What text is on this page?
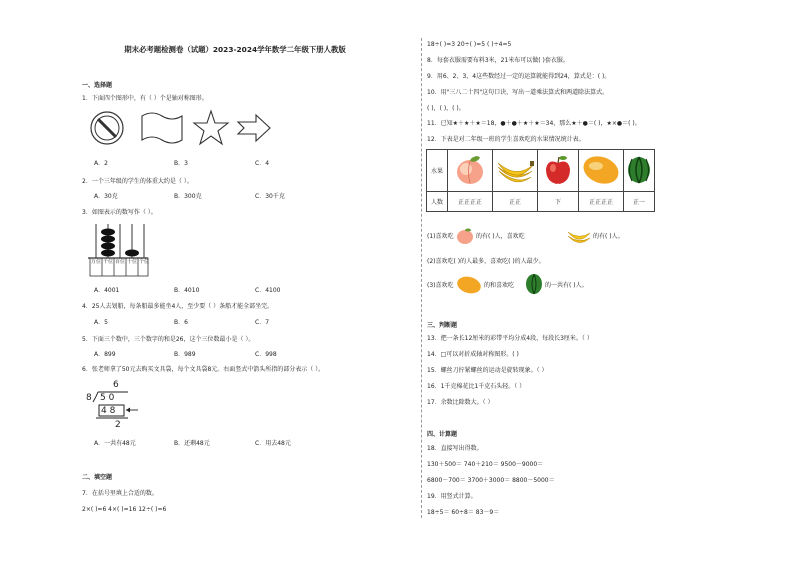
期末必考题检测卷（试题）2023-2024学年数学二年级下册人教版
一、选择题
1．下面四个图形中，有（ ）个是轴对称图形。
A．2	B．3	C．4
2．一个三年级的学生的体重大约是（ ）。
A．30克	B．300克	C．30千克
3．如图表示的数写作（ ）。
万位 千位 百位 十位 个位
A．4001	B．4010	C．4100
4．25人去划船，每条船最多能坐4人，至少要（ ）条船才能全部坐完。
A．5	B．6	C．7
5．下面三个数中，三个数字的和是26，这个三位数最小是（ ）。
A．899	B．989	C．998
6．张老师拿了50元去购买文具袋，每个文具袋8元。右面竖式中箭头所指的部分表示（ ）。
6
8 5 0
4 8
2
A．一共有48元	B．还剩48元	C．用去48元
二、填空题
7．在括号里填上合适的数。
2×( )=6 4×( )=16 12÷( )=6
18÷( )=3 20÷( )=5 ( )÷4=5
8．每套衣服需要布料3米，21米布可以做( )套衣服。
9．用6、2、3、4这些数经过一定的运算就能得到24，算式是：( )。
10．用"三八二十四"这句口诀，写出一道乘法算式和两道除法算式。
( )，( )，( )。
11．已知★＋★＋★＝18，●＋●＋★＋★＝34，那么★＋●＝( )，★×●＝( )。
12．下表是对二年级一班的学生喜欢吃的水果情况统计表。
水果					
人数	正正正正	正正	下	正正正正	正一
(1)喜欢吃	的有( )人，喜欢吃	的有( )人。
(2)喜欢吃( )的人最多，喜欢吃( )的人最少。
(3)喜欢吃	的和喜欢吃	的一共有( )人。
三、判断题
13．把一条长12厘米的彩带平均分成4段，每段长3厘米。（ ）
14．□可以对折成轴对称图形。( )
15．螺丝刀拧紧螺丝的运动是旋转现象。（ ）
16．1千克棉花比1千克石头轻。（ ）
17．余数比除数大。（ ）
四、计算题
18．直接写出得数。
130＋500＝ 740＋210＝ 9500－9000＝
6800－700＝ 3700＋3000＝ 8800－5000＝
19．用竖式计算。
18÷5＝ 60÷8＝ 83－9＝
